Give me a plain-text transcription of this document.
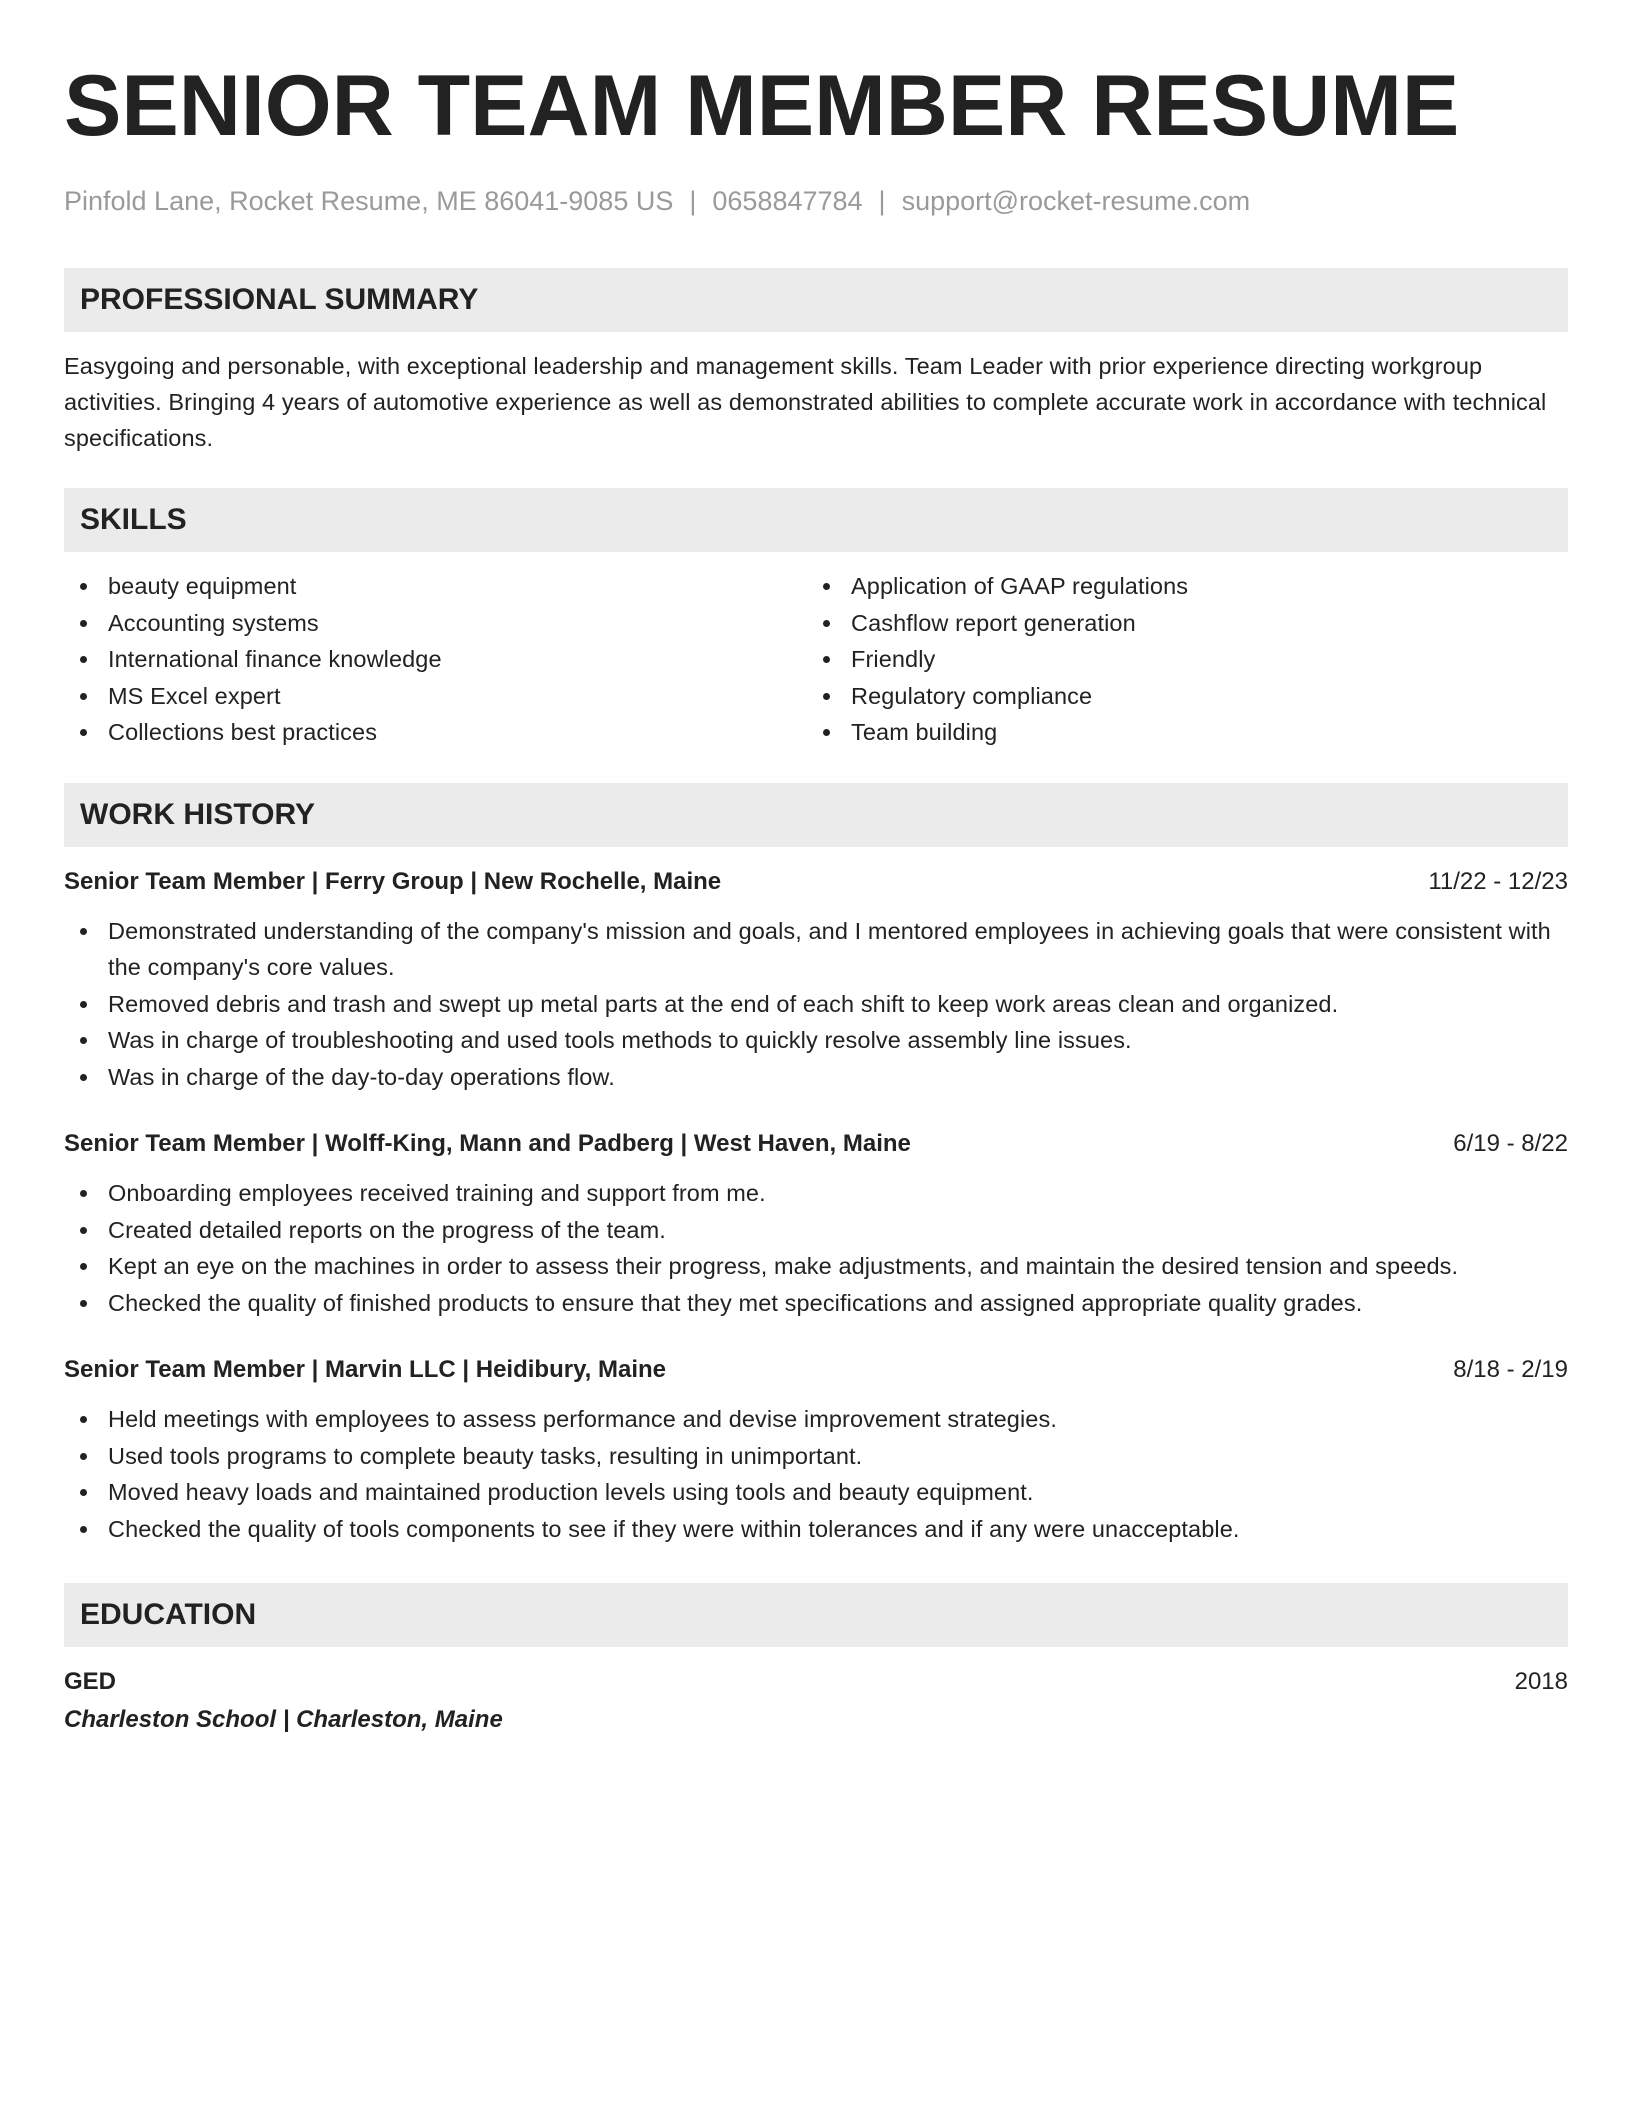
SENIOR TEAM MEMBER RESUME
Pinfold Lane, Rocket Resume, ME 86041-9085 US | 0658847784 | support@rocket-resume.com
PROFESSIONAL SUMMARY

Easygoing and personable, with exceptional leadership and management skills. Team Leader with prior experience directing workgroup activities. Bringing 4 years of automotive experience as well as demonstrated abilities to complete accurate work in accordance with technical specifications.

SKILLS
beauty equipment
Accounting systems
International finance knowledge
MS Excel expert
Collections best practices
Application of GAAP regulations
Cashflow report generation
Friendly
Regulatory compliance
Team building
WORK HISTORY
Senior Team Member | Ferry Group | New Rochelle, Maine	11/22 - 12/23
Demonstrated understanding of the company's mission and goals, and I mentored employees in achieving goals that were consistent with the company's core values.
Removed debris and trash and swept up metal parts at the end of each shift to keep work areas clean and organized.
Was in charge of troubleshooting and used tools methods to quickly resolve assembly line issues.
Was in charge of the day-to-day operations flow.
Senior Team Member | Wolff-King, Mann and Padberg | West Haven, Maine	6/19 - 8/22
Onboarding employees received training and support from me.
Created detailed reports on the progress of the team.
Kept an eye on the machines in order to assess their progress, make adjustments, and maintain the desired tension and speeds.
Checked the quality of finished products to ensure that they met specifications and assigned appropriate quality grades.
Senior Team Member | Marvin LLC | Heidibury, Maine	8/18 - 2/19
Held meetings with employees to assess performance and devise improvement strategies.
Used tools programs to complete beauty tasks, resulting in unimportant.
Moved heavy loads and maintained production levels using tools and beauty equipment.
Checked the quality of tools components to see if they were within tolerances and if any were unacceptable.
EDUCATION
GED	2018
Charleston School | Charleston, Maine
